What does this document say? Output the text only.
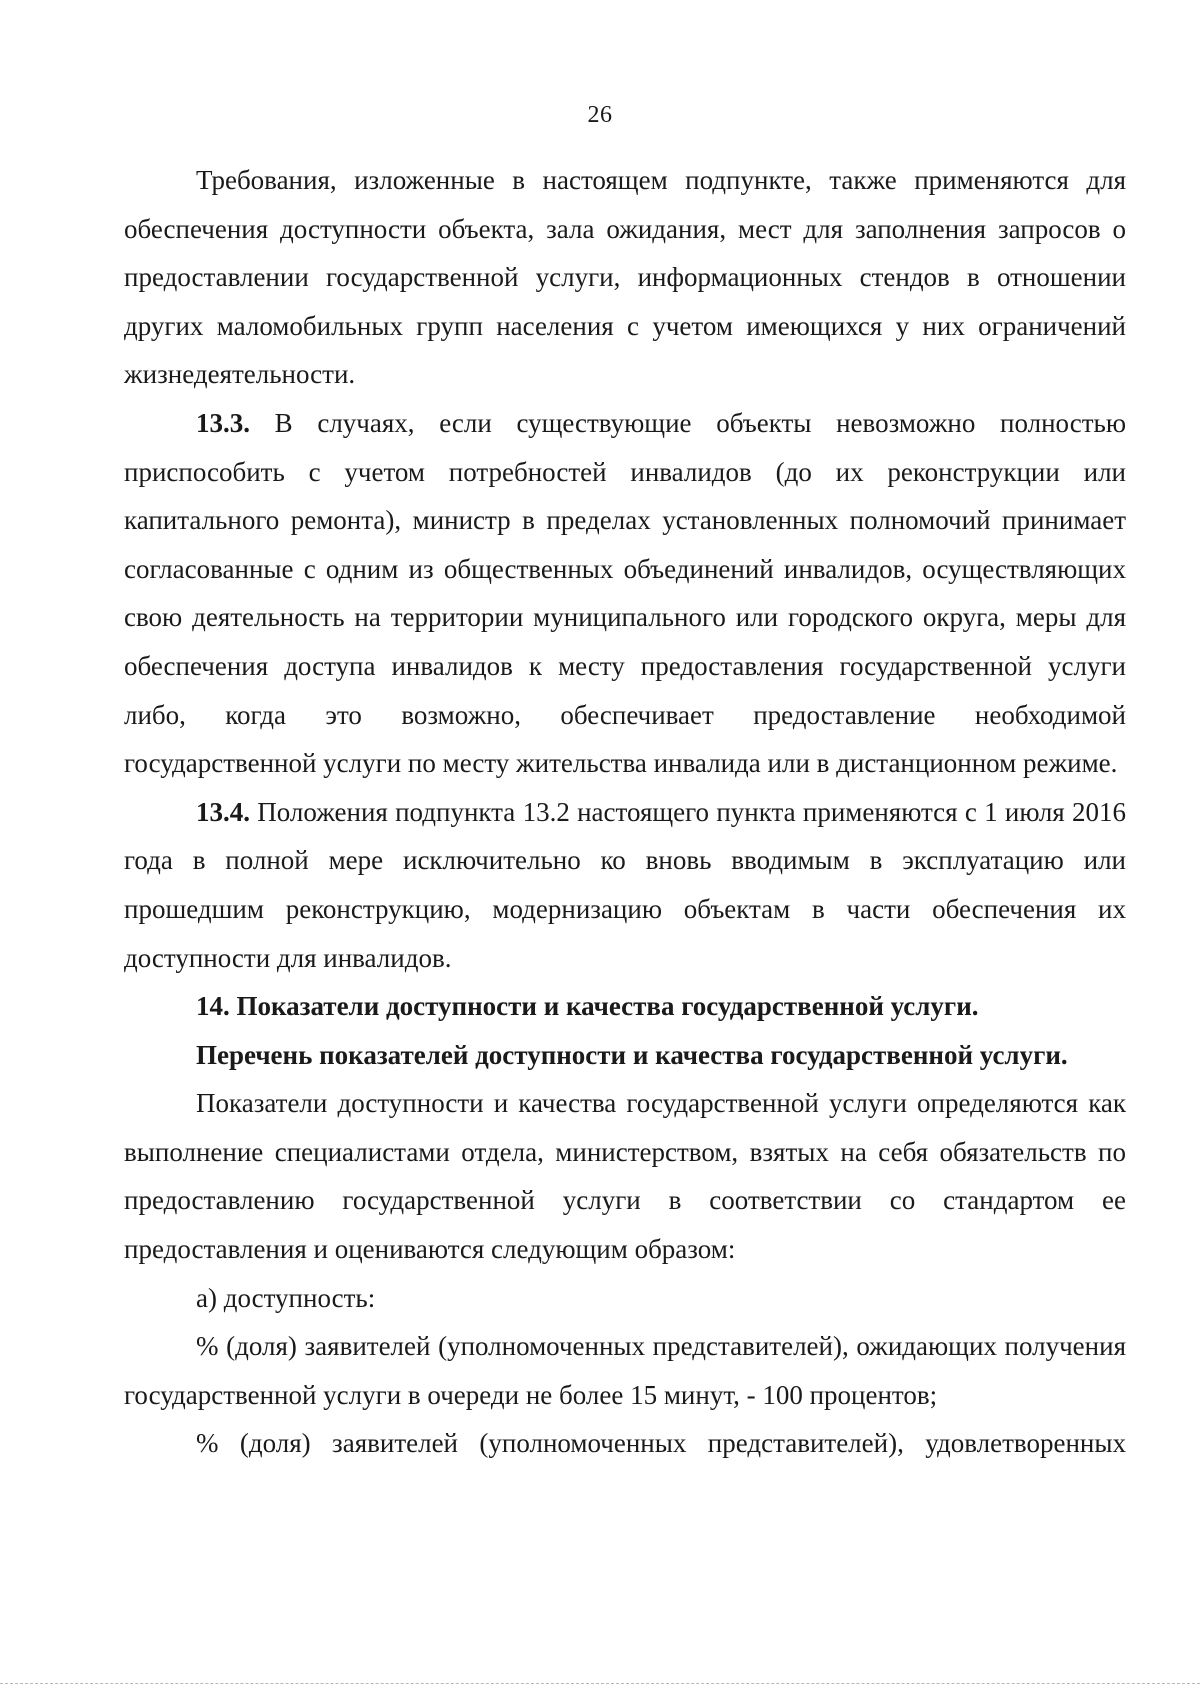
26

Требования, изложенные в настоящем подпункте, также применяются для обеспечения доступности объекта, зала ожидания, мест для заполнения запросов о предоставлении государственной услуги, информационных стендов в отношении других маломобильных групп населения с учетом имеющихся у них ограничений жизнедеятельности.

13.3. В случаях, если существующие объекты невозможно полностью приспособить с учетом потребностей инвалидов (до их реконструкции или капитального ремонта), министр в пределах установленных полномочий принимает согласованные с одним из общественных объединений инвалидов, осуществляющих свою деятельность на территории муниципального или городского округа, меры для обеспечения доступа инвалидов к месту предоставления государственной услуги либо, когда это возможно, обеспечивает предоставление необходимой государственной услуги по месту жительства инвалида или в дистанционном режиме.

13.4. Положения подпункта 13.2 настоящего пункта применяются с 1 июля 2016 года в полной мере исключительно ко вновь вводимым в эксплуатацию или прошедшим реконструкцию, модернизацию объектам в части обеспечения их доступности для инвалидов.

14. Показатели доступности и качества государственной услуги.

Перечень показателей доступности и качества государственной услуги.

Показатели доступности и качества государственной услуги определяются как выполнение специалистами отдела, министерством, взятых на себя обязательств по предоставлению государственной услуги в соответствии со стандартом ее предоставления и оцениваются следующим образом:

а) доступность:

% (доля) заявителей (уполномоченных представителей), ожидающих получения государственной услуги в очереди не более 15 минут, - 100 процентов;

% (доля) заявителей (уполномоченных представителей), удовлетворенных
